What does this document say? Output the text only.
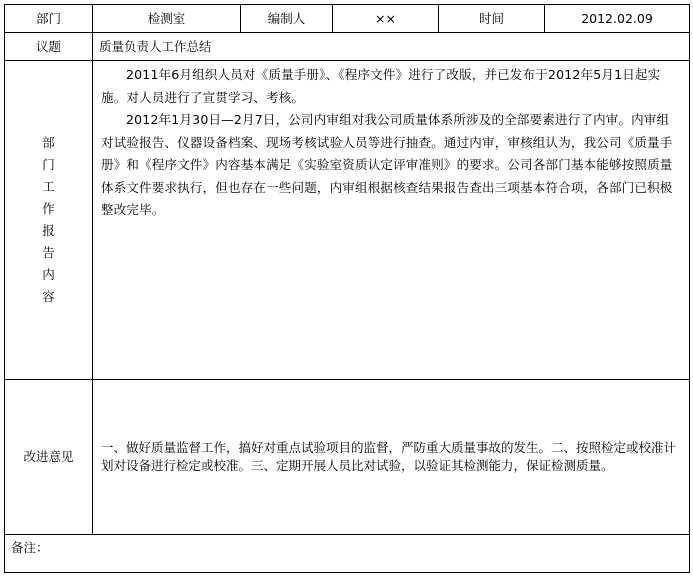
部门	检测室	编制人	××	时间	2012.02.09
议题	质量负责人工作总结				

部门工作报告内容	2011年6月组织人员对《质量手册》、《程序文件》进行了改版，并已发布于2012年5月1日起实施。对人员进行了宣贯学习、考核。

2012年1月30日—2月7日，公司内审组对我公司质量体系所涉及的全部要素进行了内审。内审组对试验报告、仪器设备档案、现场考核试验人员等进行抽查。通过内审，审核组认为，我公司《质量手册》和《程序文件》内容基本满足《实验室资质认定评审准则》的要求。公司各部门基本能够按照质量体系文件要求执行，但也存在一些问题，内审组根据核查结果报告查出三项基本符合项，各部门已积极整改完毕。				

改进意见	一、做好质量监督工作，搞好对重点试验项目的监督，严防重大质量事故的发生。二、按照检定或校准计划对设备进行检定或校准。三、定期开展人员比对试验，以验证其检测能力，保证检测质量。				
备注：					
